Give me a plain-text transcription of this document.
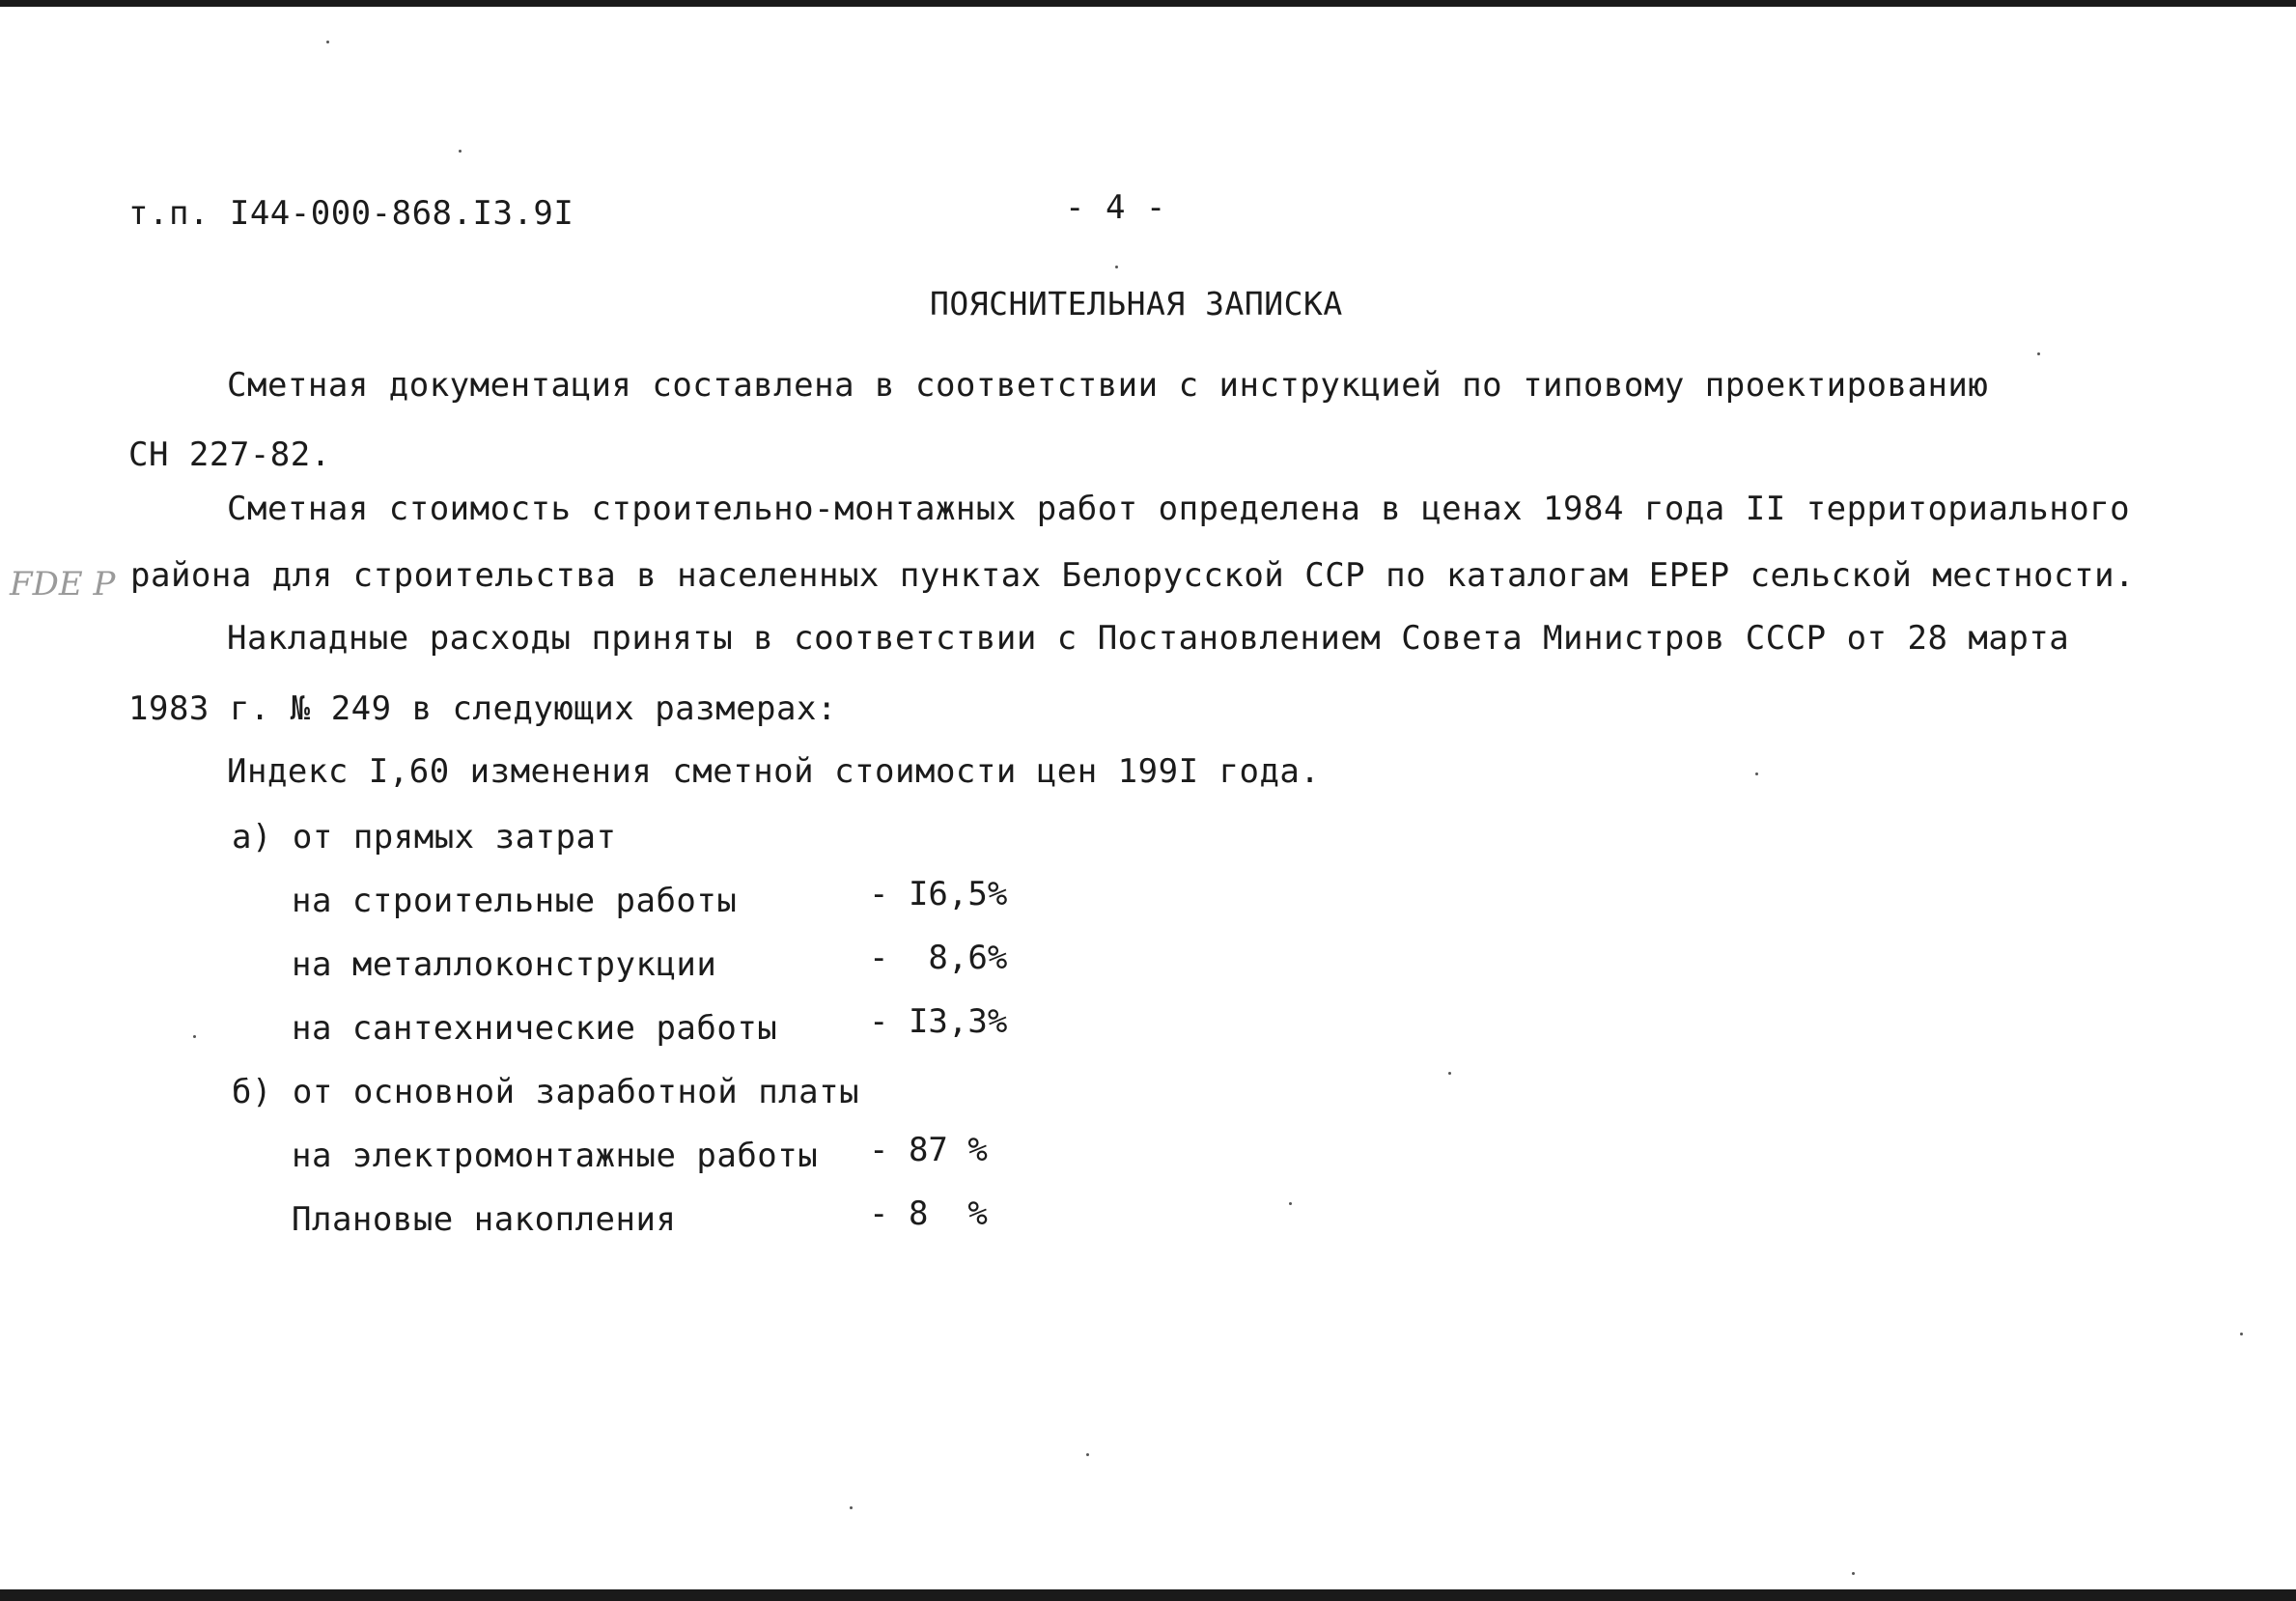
т.п. I44-000-868.I3.9I	- 4 -
ПОЯСНИТЕЛЬНАЯ ЗАПИСКА
Сметная документация составлена в соответствии с инструкцией по типовому проектированию
СН 227-82.
Сметная стоимость строительно-монтажных работ определена в ценах 1984 года II территориального
FDE P района для строительства в населенных пунктах Белорусской ССР по каталогам ЕРЕР сельской местности.
Накладные расходы приняты в соответствии с Постановлением Совета Министров СССР от 28 марта
1983 г. № 249 в следующих размерах:
Индекс I,60 изменения сметной стоимости цен 199I года.
а) от прямых затрат
на строительные работы	- I6,5%
на металлоконструкции	-  8,6%
на сантехнические работы	- I3,3%
б) от основной заработной платы
на электромонтажные работы - 87 %
Плановые накопления	- 8  %
